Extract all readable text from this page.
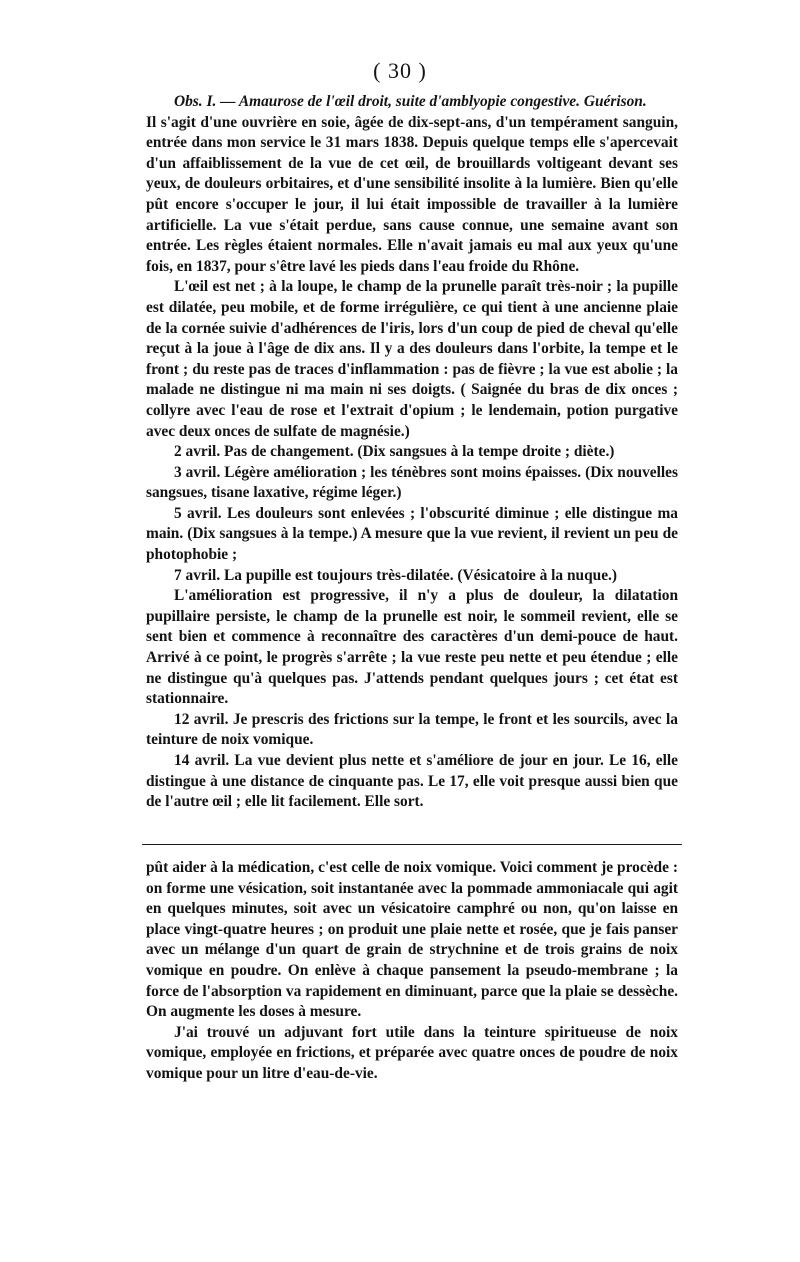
( 30 )

Obs. I. — Amaurose de l'œil droit, suite d'amblyopie congestive. Guérison.

Il s'agit d'une ouvrière en soie, âgée de dix-sept-ans, d'un tempérament sanguin, entrée dans mon service le 31 mars 1838. Depuis quelque temps elle s'apercevait d'un affaiblissement de la vue de cet œil, de brouillards voltigeant devant ses yeux, de douleurs orbitaires, et d'une sensibilité insolite à la lumière. Bien qu'elle pût encore s'occuper le jour, il lui était impossible de travailler à la lumière artificielle. La vue s'était perdue, sans cause connue, une semaine avant son entrée. Les règles étaient normales. Elle n'avait jamais eu mal aux yeux qu'une fois, en 1837, pour s'être lavé les pieds dans l'eau froide du Rhône.

L'œil est net ; à la loupe, le champ de la prunelle paraît très-noir ; la pupille est dilatée, peu mobile, et de forme irrégulière, ce qui tient à une ancienne plaie de la cornée suivie d'adhérences de l'iris, lors d'un coup de pied de cheval qu'elle reçut à la joue à l'âge de dix ans. Il y a des douleurs dans l'orbite, la tempe et le front ; du reste pas de traces d'inflammation : pas de fièvre ; la vue est abolie ; la malade ne distingue ni ma main ni ses doigts. ( Saignée du bras de dix onces ; collyre avec l'eau de rose et l'extrait d'opium ; le lendemain, potion purgative avec deux onces de sulfate de magnésie.)

2 avril. Pas de changement. (Dix sangsues à la tempe droite ; diète.)

3 avril. Légère amélioration ; les ténèbres sont moins épaisses. (Dix nouvelles sangsues, tisane laxative, régime léger.)

5 avril. Les douleurs sont enlevées ; l'obscurité diminue ; elle distingue ma main. (Dix sangsues à la tempe.) A mesure que la vue revient, il revient un peu de photophobie ;

7 avril. La pupille est toujours très-dilatée. (Vésicatoire à la nuque.)

L'amélioration est progressive, il n'y a plus de douleur, la dilatation pupillaire persiste, le champ de la prunelle est noir, le sommeil revient, elle se sent bien et commence à reconnaître des caractères d'un demi-pouce de haut. Arrivé à ce point, le progrès s'arrête ; la vue reste peu nette et peu étendue ; elle ne distingue qu'à quelques pas. J'attends pendant quelques jours ; cet état est stationnaire.

12 avril. Je prescris des frictions sur la tempe, le front et les sourcils, avec la teinture de noix vomique.

14 avril. La vue devient plus nette et s'améliore de jour en jour. Le 16, elle distingue à une distance de cinquante pas. Le 17, elle voit presque aussi bien que de l'autre œil ; elle lit facilement. Elle sort.

pût aider à la médication, c'est celle de noix vomique. Voici comment je procède : on forme une vésication, soit instantanée avec la pommade ammoniacale qui agit en quelques minutes, soit avec un vésicatoire camphré ou non, qu'on laisse en place vingt-quatre heures ; on produit une plaie nette et rosée, que je fais panser avec un mélange d'un quart de grain de strychnine et de trois grains de noix vomique en poudre. On enlève à chaque pansement la pseudo-membrane ; la force de l'absorption va rapidement en diminuant, parce que la plaie se dessèche. On augmente les doses à mesure.

J'ai trouvé un adjuvant fort utile dans la teinture spiritueuse de noix vomique, employée en frictions, et préparée avec quatre onces de poudre de noix vomique pour un litre d'eau-de-vie.
